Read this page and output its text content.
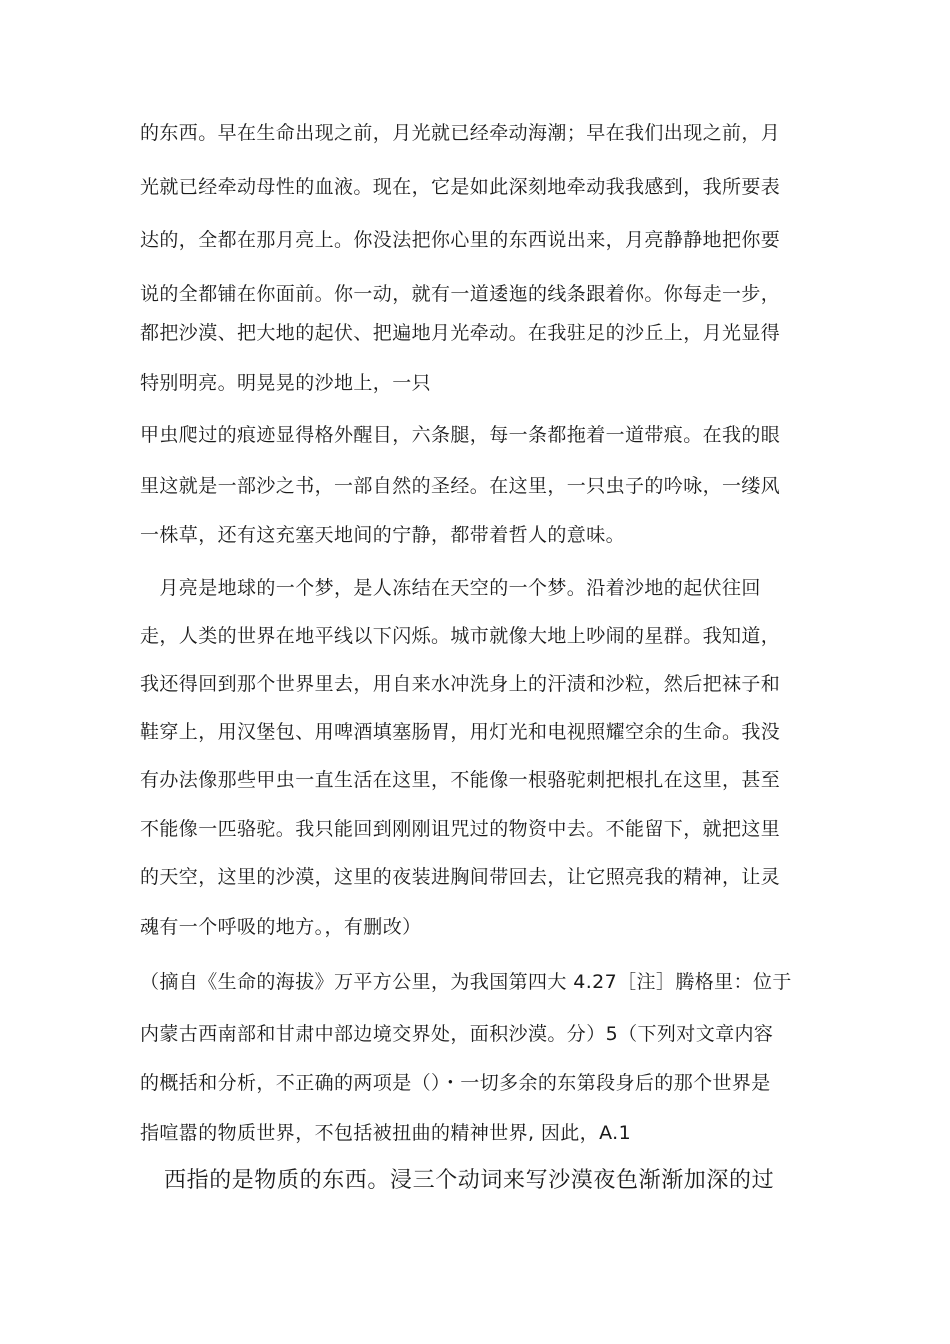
的东西。早在生命出现之前，月光就已经牵动海潮；早在我们出现之前，月
光就已经牵动母性的血液。现在，它是如此深刻地牵动我我感到，我所要表
达的，全都在那月亮上。你没法把你心里的东西说出来，月亮静静地把你要
说的全都铺在你面前。你一动，就有一道逶迤的线条跟着你。你每走一步，
都把沙漠、把大地的起伏、把遍地月光牵动。在我驻足的沙丘上，月光显得
特别明亮。明晃晃的沙地上，一只
甲虫爬过的痕迹显得格外醒目，六条腿，每一条都拖着一道带痕。在我的眼
里这就是一部沙之书，一部自然的圣经。在这里，一只虫子的吟咏，一缕风
一株草，还有这充塞天地间的宁静，都带着哲人的意味。
　月亮是地球的一个梦，是人冻结在天空的一个梦。沿着沙地的起伏往回
走，人类的世界在地平线以下闪烁。城市就像大地上吵闹的星群。我知道，
我还得回到那个世界里去，用自来水冲洗身上的汗渍和沙粒，然后把袜子和
鞋穿上，用汉堡包、用啤酒填塞肠胃，用灯光和电视照耀空余的生命。我没
有办法像那些甲虫一直生活在这里，不能像一根骆驼刺把根扎在这里，甚至
不能像一匹骆驼。我只能回到刚刚诅咒过的物资中去。不能留下，就把这里
的天空，这里的沙漠，这里的夜装进胸间带回去，让它照亮我的精神，让灵
魂有一个呼吸的地方。，有删改）
（摘自《生命的海拔》万平方公里，为我国第四大 4.27［注］腾格里：位于
内蒙古西南部和甘肃中部边境交界处，面积沙漠。分）5（下列对文章内容
的概括和分析，不正确的两项是（）・一切多余的东第段身后的那个世界是
指喧嚣的物质世界，不包括被扭曲的精神世界, 因此，A.1
西指的是物质的东西。浸三个动词来写沙漠夜色渐渐加深的过
